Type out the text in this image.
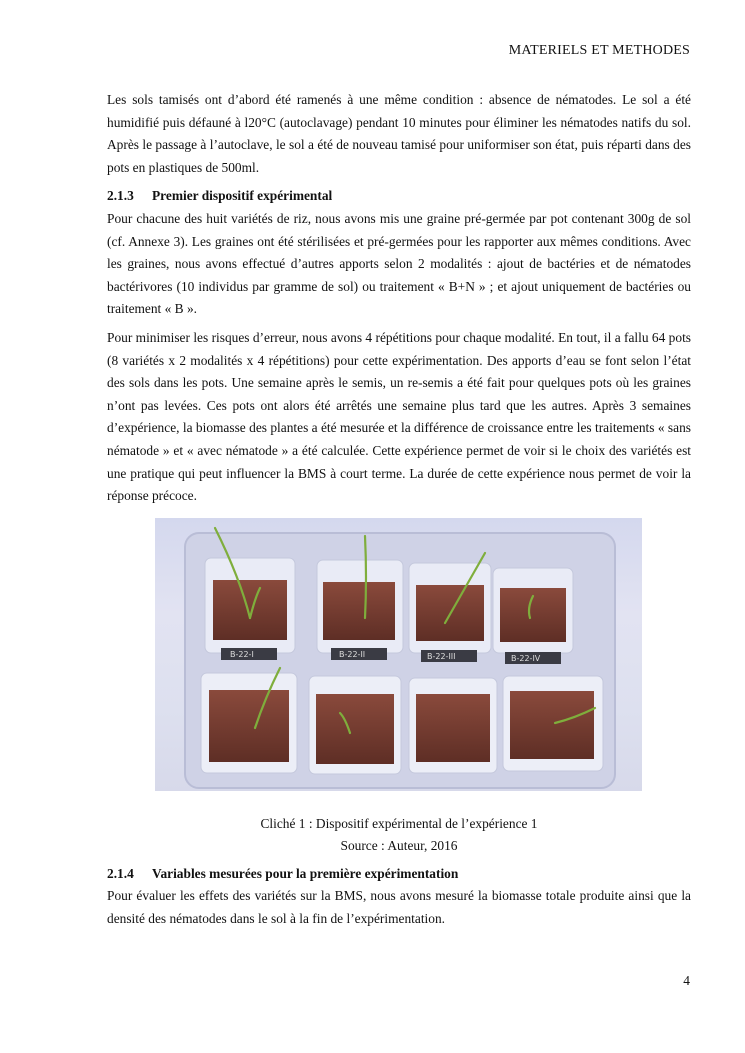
MATERIELS ET METHODES

Les sols tamisés ont d’abord été ramenés à une même condition : absence de nématodes. Le sol a été humidifié puis défauné à l20°C (autoclavage) pendant 10 minutes pour éliminer les nématodes natifs du sol. Après le passage à l’autoclave, le sol a été de nouveau tamisé pour uniformiser son état, puis réparti dans des pots en plastiques de 500ml.

2.1.3 Premier dispositif expérimental

Pour chacune des huit variétés de riz, nous avons mis une graine pré-germée par pot contenant 300g de sol (cf. Annexe 3). Les graines ont été stérilisées et pré-germées pour les rapporter aux mêmes conditions. Avec les graines, nous avons effectué d’autres apports selon 2 modalités : ajout de bactéries et de nématodes bactérivores (10 individus par gramme de sol) ou traitement « B+N » ; et ajout uniquement de bactéries ou traitement « B ».

Pour minimiser les risques d’erreur, nous avons 4 répétitions pour chaque modalité. En tout, il a fallu 64 pots (8 variétés x 2 modalités x 4 répétitions) pour cette expérimentation. Des apports d’eau se font selon l’état des sols dans les pots. Une semaine après le semis, un re-semis a été fait pour quelques pots où les graines n’ont pas levées. Ces pots ont alors été arrêtés une semaine plus tard que les autres. Après 3 semaines d’expérience, la biomasse des plantes a été mesurée et la différence de croissance entre les traitements « sans nématode » et « avec nématode » a été calculée. Cette expérience permet de voir si le choix des variétés est une pratique qui peut influencer la BMS à court terme. La durée de cette expérience nous permet de voir la réponse précoce.

B-22-I	B-22-II	B-22-III	B-22-IV
Cliché 1 : Dispositif expérimental de l’expérience 1
Source : Auteur, 2016
2.1.4 Variables mesurées pour la première expérimentation

Pour évaluer les effets des variétés sur la BMS, nous avons mesuré la biomasse totale produite ainsi que la densité des nématodes dans le sol à la fin de l’expérimentation.

4
